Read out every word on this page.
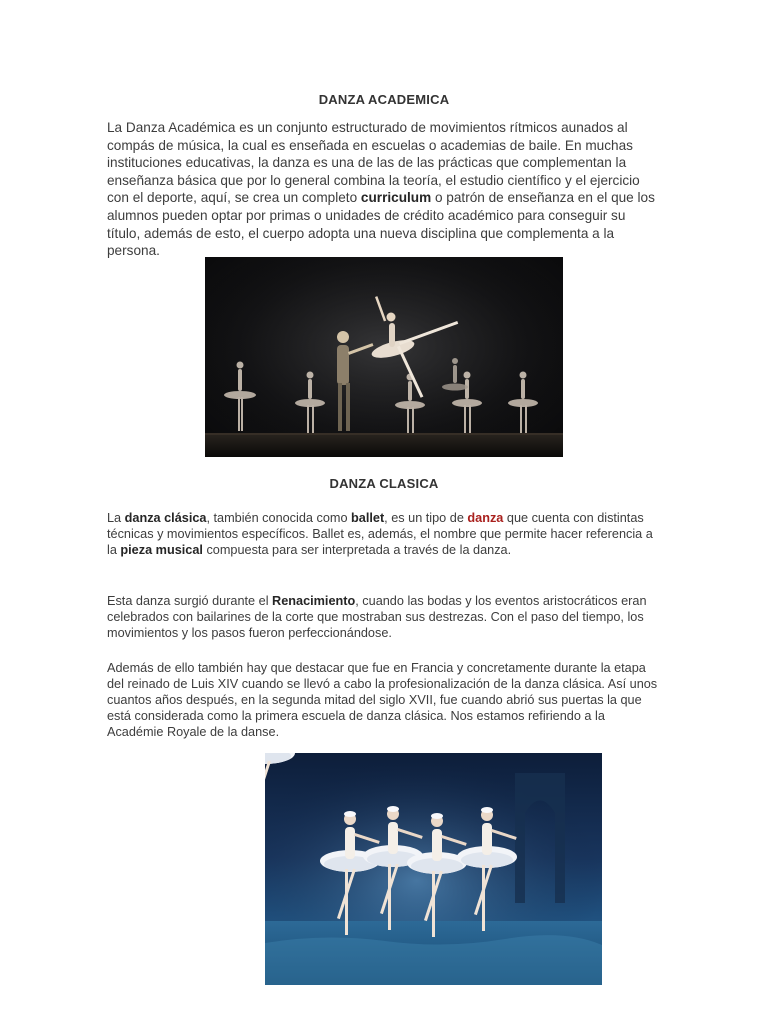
DANZA ACADEMICA

La Danza Académica es un conjunto estructurado de movimientos rítmicos aunados al compás de música, la cual es enseñada en escuelas o academias de baile. En muchas instituciones educativas, la danza es una de las de las prácticas que complementan la enseñanza básica que por lo general combina la teoría, el estudio científico y el ejercicio con el deporte, aquí, se crea un completo curriculum o patrón de enseñanza en el que los alumnos pueden optar por primas o unidades de crédito académico para conseguir su título, además de esto, el cuerpo adopta una nueva disciplina que complementa a la persona.

DANZA CLASICA

La danza clásica, también conocida como ballet, es un tipo de danza que cuenta con distintas técnicas y movimientos específicos. Ballet es, además, el nombre que permite hacer referencia a la pieza musical compuesta para ser interpretada a través de la danza.

Esta danza surgió durante el Renacimiento, cuando las bodas y los eventos aristocráticos eran celebrados con bailarines de la corte que mostraban sus destrezas. Con el paso del tiempo, los movimientos y los pasos fueron perfeccionándose.

Además de ello también hay que destacar que fue en Francia y concretamente durante la etapa del reinado de Luis XIV cuando se llevó a cabo la profesionalización de la danza clásica. Así unos cuantos años después, en la segunda mitad del siglo XVII, fue cuando abrió sus puertas la que está considerada como la primera escuela de danza clásica. Nos estamos refiriendo a la Académie Royale de la danse.
